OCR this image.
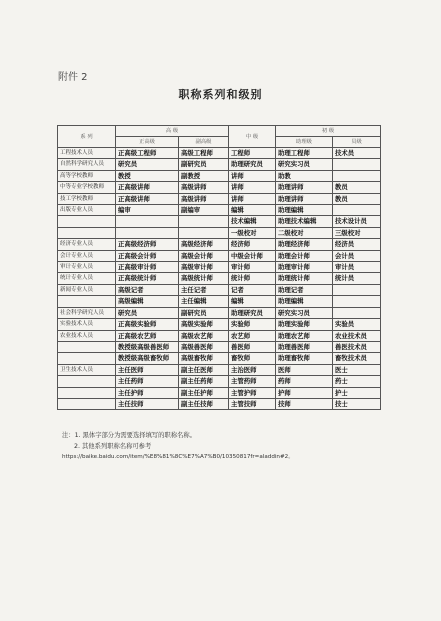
附件 2
职称系列和级别
系 列	高 级		中 级	初 级	
	正高级	副高级		助理级	员级
工程技术人员	正高级工程师	高级工程师	工程师	助理工程师	技术员
自然科学研究人员	研究员	副研究员	助理研究员	研究实习员	
高等学校教师	教授	副教授	讲师	助教	
中等专业学校教师	正高级讲师	高级讲师	讲师	助理讲师	教员
技工学校教师	正高级讲师	高级讲师	讲师	助理讲师	教员
出版专业人员	编审	副编审	编辑	助理编辑	
			技术编辑	助理技术编辑	技术设计员
			一级校对	二级校对	三级校对
经济专业人员	正高级经济师	高级经济师	经济师	助理经济师	经济员
会计专业人员	正高级会计师	高级会计师	中级会计师	助理会计师	会计员
审计专业人员	正高级审计师	高级审计师	审计师	助理审计师	审计员
统计专业人员	正高级统计师	高级统计师	统计师	助理统计师	统计员
新闻专业人员	高级记者	主任记者	记者	助理记者	
	高级编辑	主任编辑	编辑	助理编辑	
社会科学研究人员	研究员	副研究员	助理研究员	研究实习员	
实验技术人员	正高级实验师	高级实验师	实验师	助理实验师	实验员
农业技术人员	正高级农艺师	高级农艺师	农艺师	助理农艺师	农业技术员
	教授级高级兽医师	高级兽医师	兽医师	助理兽医师	兽医技术员
	教授级高级畜牧师	高级畜牧师	畜牧师	助理畜牧师	畜牧技术员
卫生技术人员	主任医师	副主任医师	主治医师	医师	医士
	主任药师	副主任药师	主管药师	药师	药士
	主任护师	副主任护师	主管护师	护师	护士
	主任技师	副主任技师	主管技师	技师	技士
注：1. 黑体字部分为需要选择填写的职称名称。
2. 其他系列职称名称可参考
https://baike.baidu.com/item/%E8%81%8C%E7%A7%B0/10350817fr=aladdin#2。
